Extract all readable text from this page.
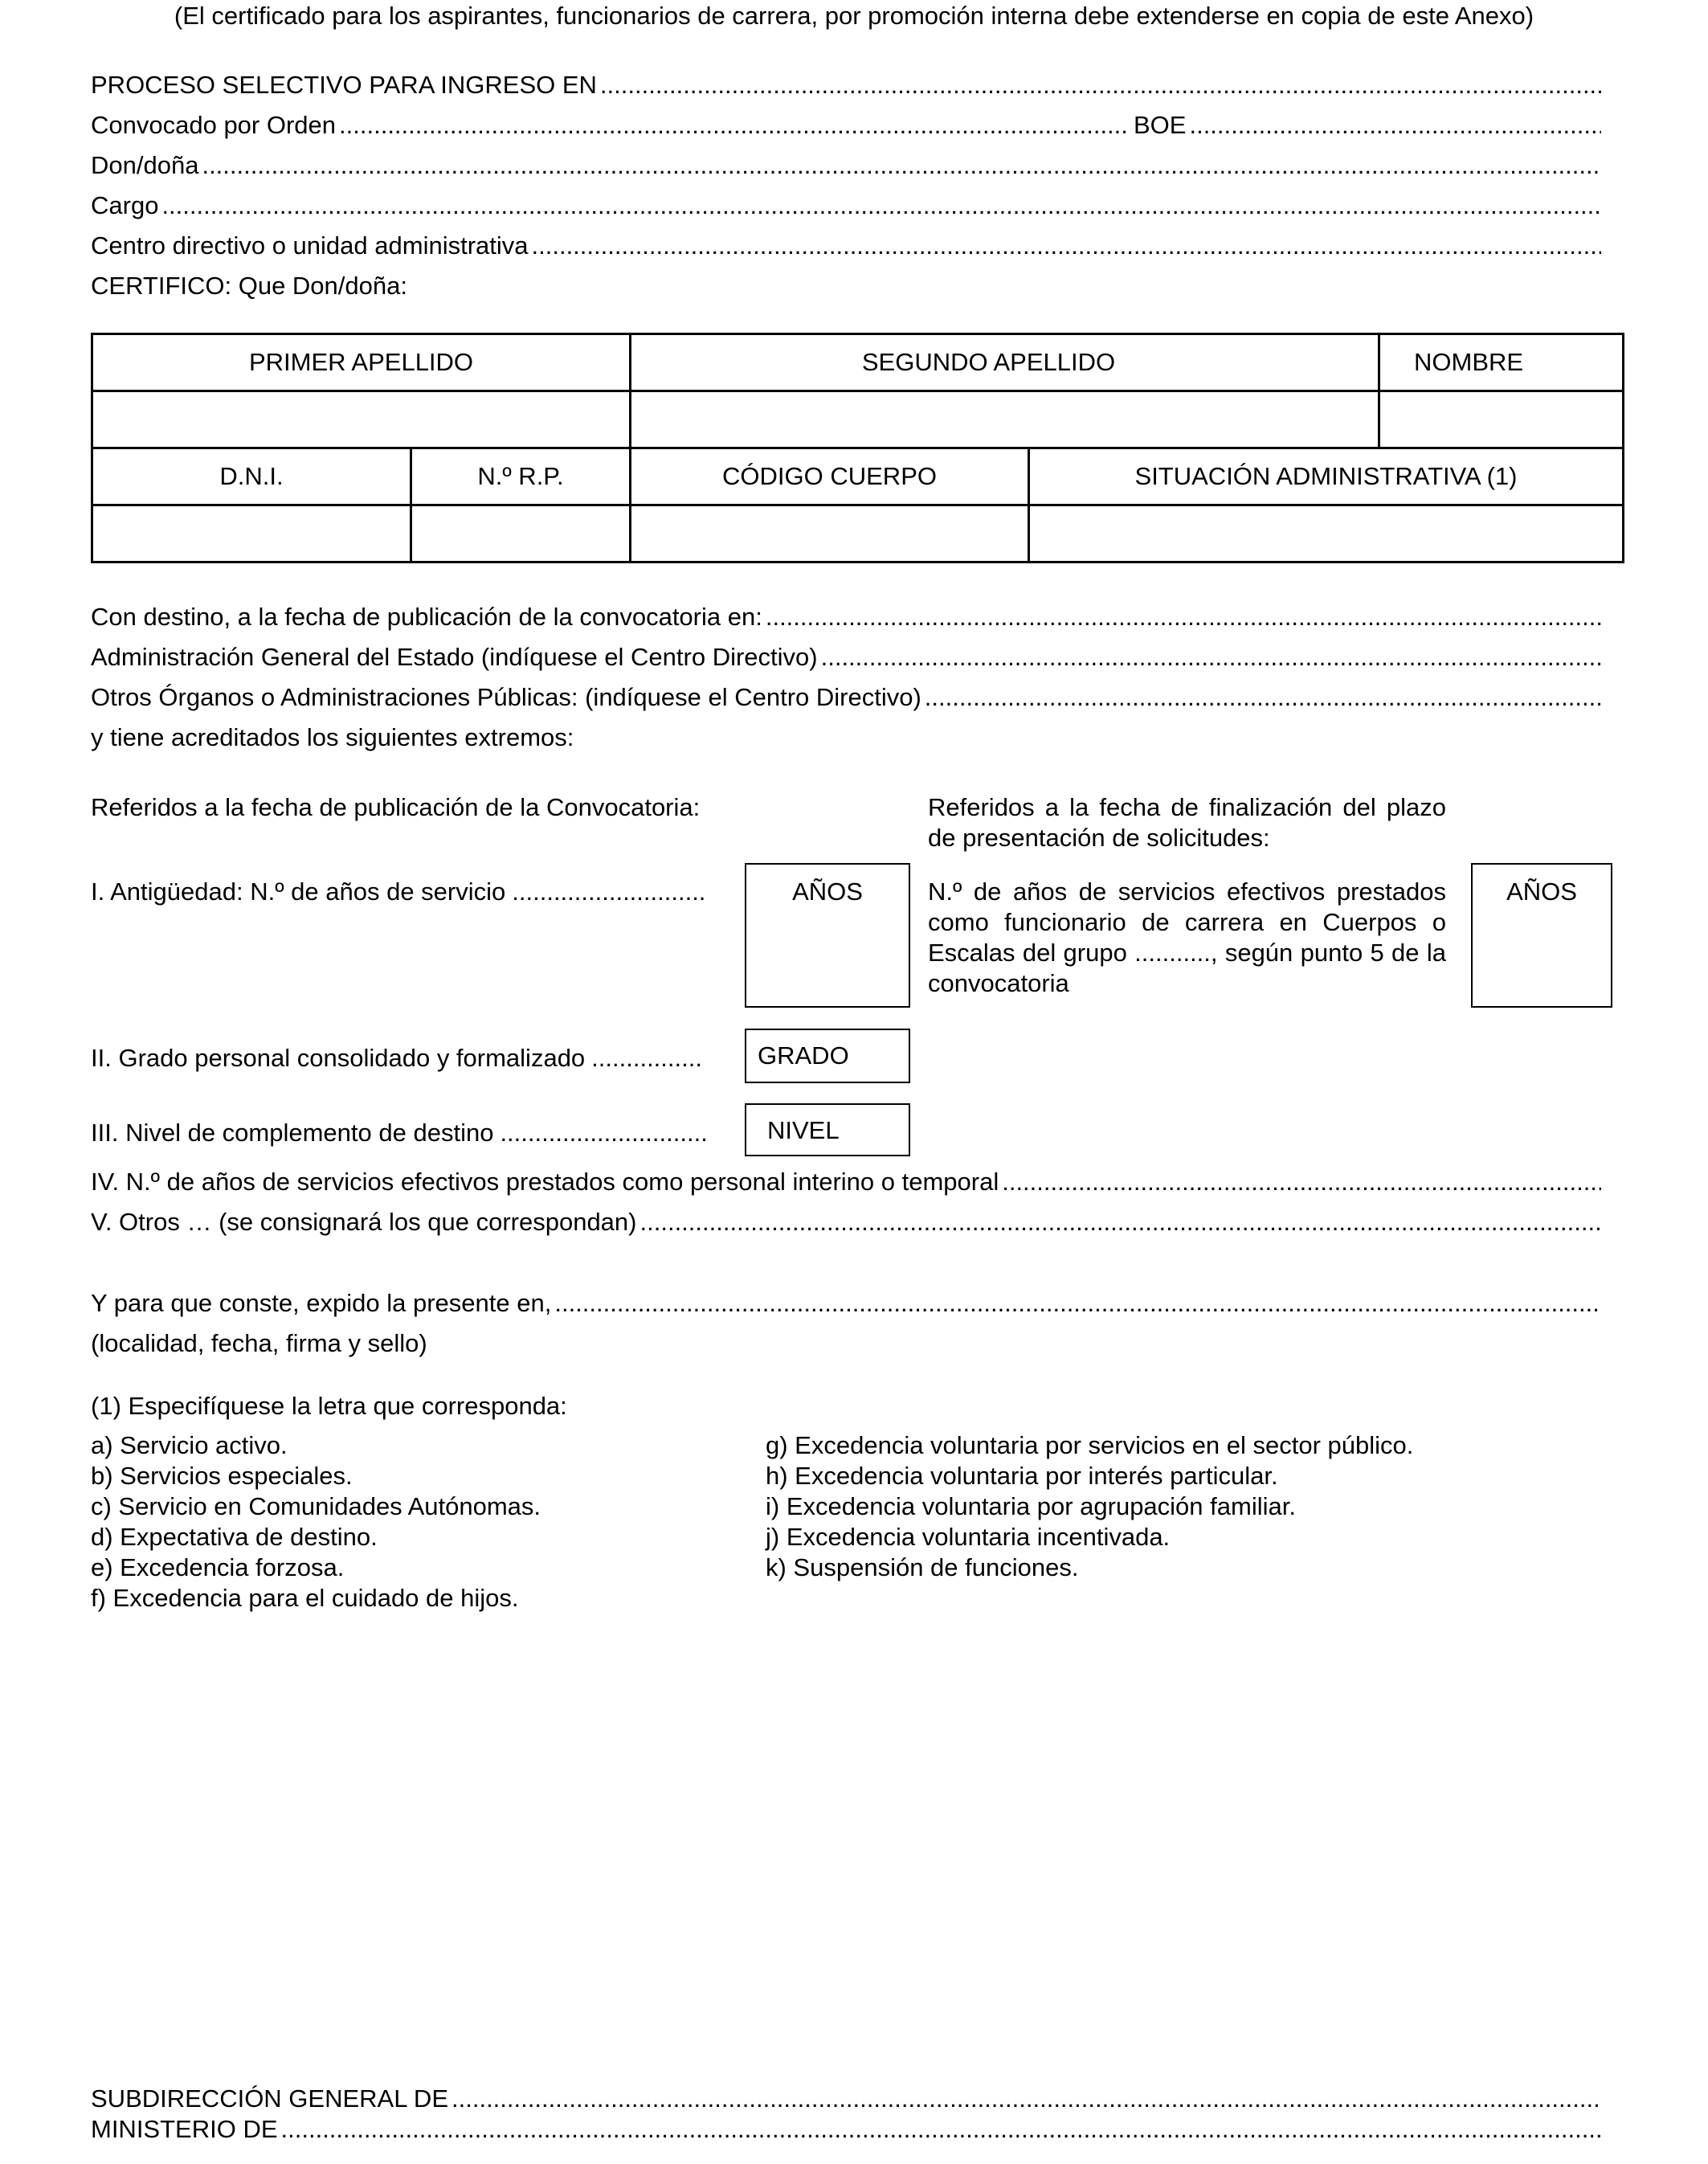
(El certificado para los aspirantes, funcionarios de carrera, por promoción interna debe extenderse en copia de este Anexo)
PROCESO SELECTIVO PARA INGRESO EN
.....
Convocado por Orden .....	BOE
.....
Don/doña
.....
Cargo
.....
Centro directivo o unidad administrativa
.....
CERTIFICO: Que Don/doña:
PRIMER APELLIDO		SEGUNDO APELLIDO		NOMBRE

D.N.I.	N.º R.P.	CÓDIGO CUERPO	SITUACIÓN ADMINISTRATIVA (1)	

Con destino, a la fecha de publicación de la convocatoria en:
.....
Administración General del Estado (indíquese el Centro Directivo)
.....
Otros Órganos o Administraciones Públicas: (indíquese el Centro Directivo)
.....
y tiene acreditados los siguientes extremos:
Referidos a la fecha de publicación de la Convocatoria:	Referidos a la fecha de finalización del plazo de presentación de solicitudes:
I. Antigüedad: N.º de años de servicio ............................	AÑOS	N.º de años de servicios efectivos prestados como funcionario de carrera en Cuerpos o Escalas del grupo ..........., según punto 5 de la convocatoria
AÑOS
II. Grado personal consolidado y formalizado ................ GRADO
III. Nivel de complemento de destino .............................. NIVEL
IV. N.º de años de servicios efectivos prestados como personal interino o temporal
.....
V. Otros … (se consignará los que correspondan)
.....
Y para que conste, expido la presente en,
.....
(localidad, fecha, firma y sello)
(1) Especifíquese la letra que corresponda:
a) Servicio activo.
b) Servicios especiales.
c) Servicio en Comunidades Autónomas.
d) Expectativa de destino.
e) Excedencia forzosa.
f) Excedencia para el cuidado de hijos.
g) Excedencia voluntaria por servicios en el sector público.
h) Excedencia voluntaria por interés particular.
i) Excedencia voluntaria por agrupación familiar.
j) Excedencia voluntaria incentivada.
k) Suspensión de funciones.
SUBDIRECCIÓN GENERAL DE
.....
MINISTERIO DE
.....
